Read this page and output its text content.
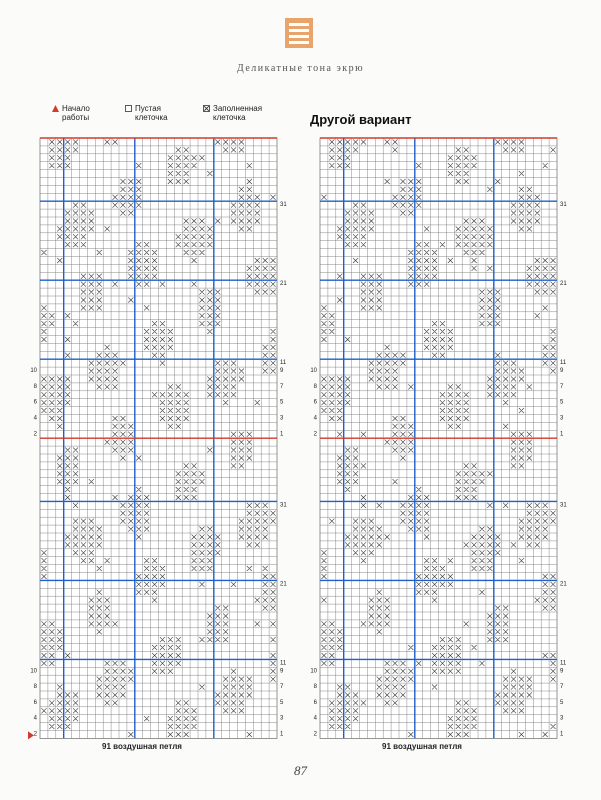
Деликатные тона экрю
Начало работы
Пустая клеточка
Заполненная клеточка	Другой вариант
10
8
6
4
2
31
21
11
9
7
5
3
1
10
8
6
4
2
31
21
11
9
7
5
3
1
10
8
6
4
2
31
21
11
9
7
5
3
1
10
8
6
4
2
31
21
11
9
7
5
3
1
91 воздушная петля	91 воздушная петля
87
